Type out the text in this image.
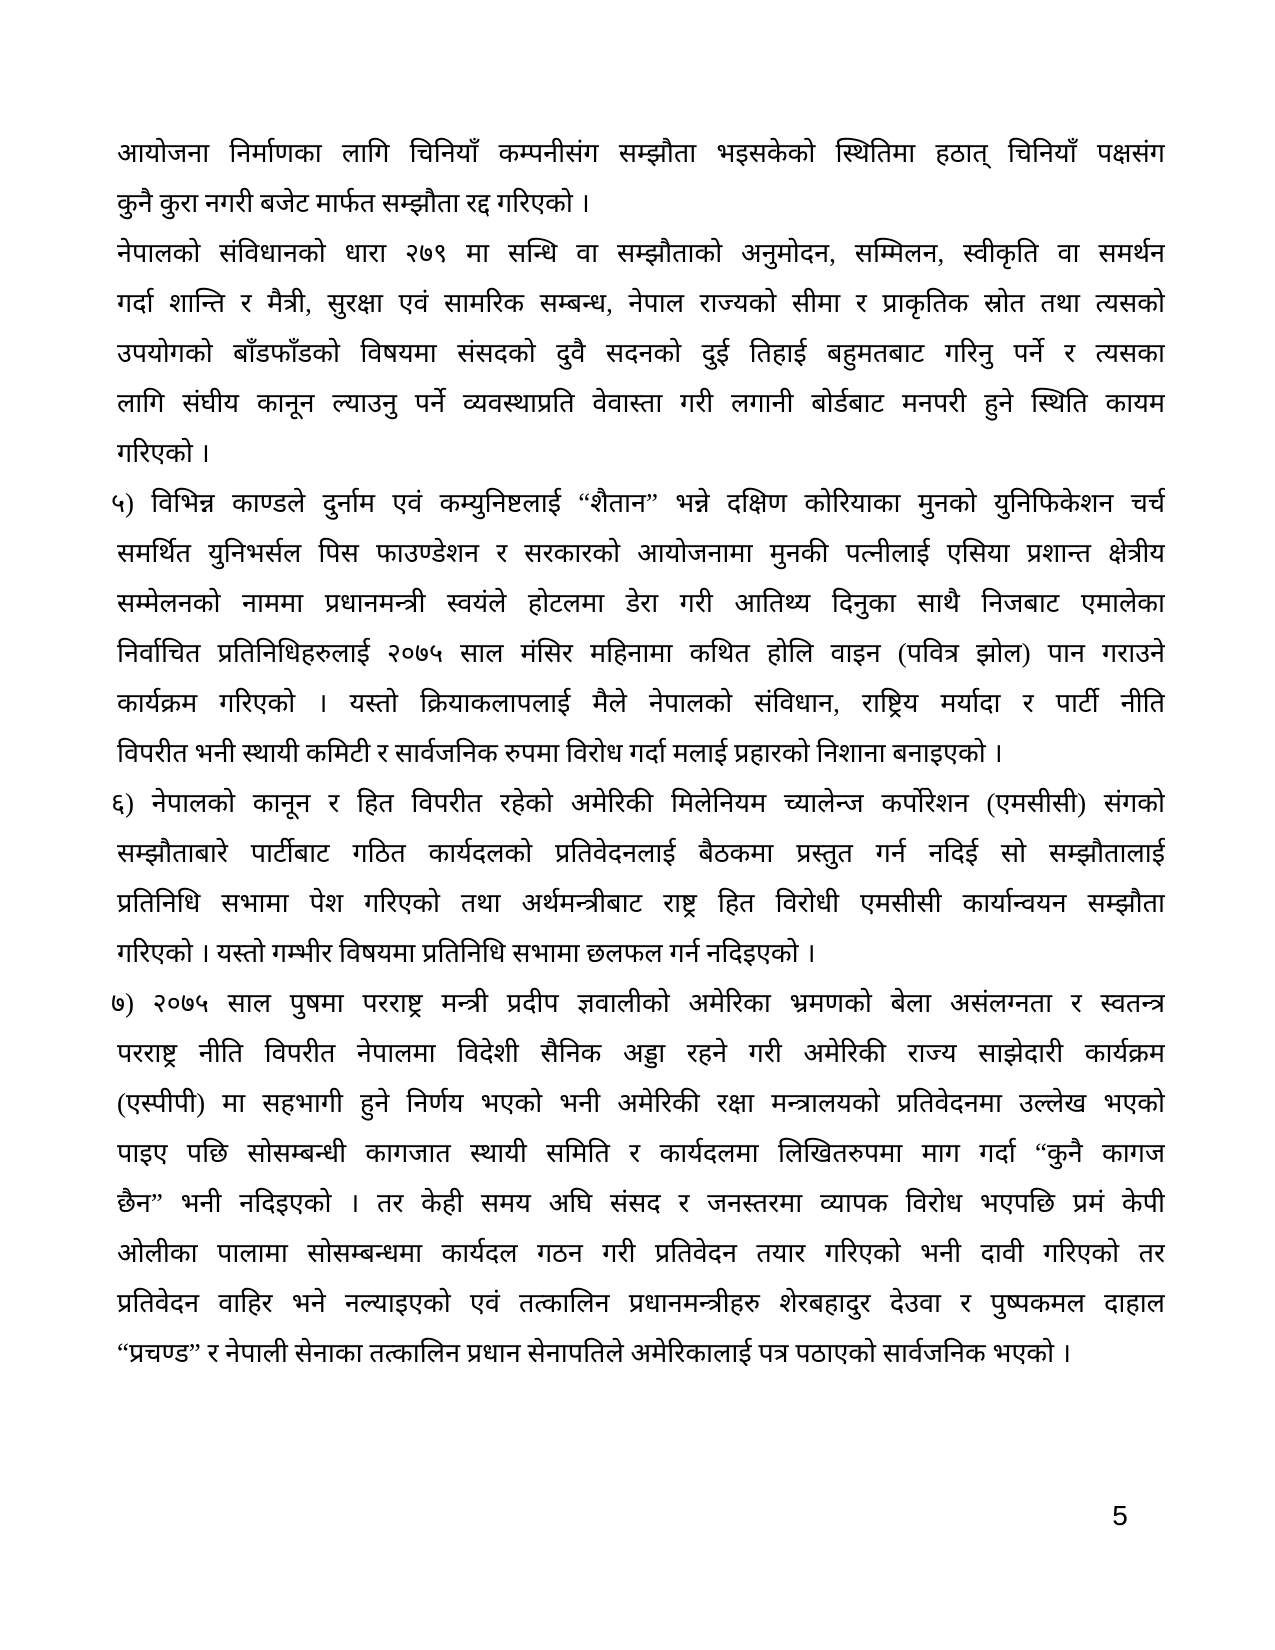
आयोजना निर्माणका लागि चिनियाँ कम्पनीसंग सम्झौता भइसकेको स्थितिमा हठात् चिनियाँ पक्षसंग
कुनै कुरा नगरी बजेट मार्फत सम्झौता रद्द गरिएको ।
नेपालको संविधानको धारा २७९ मा सन्धि वा सम्झौताको अनुमोदन, सम्मिलन, स्वीकृति वा समर्थन
गर्दा शान्ति र मैत्री, सुरक्षा एवं सामरिक सम्बन्ध, नेपाल राज्यको सीमा र प्राकृतिक स्रोत तथा त्यसको
उपयोगको बाँडफाँडको विषयमा संसदको दुवै सदनको दुई तिहाई बहुमतबाट गरिनु पर्ने र त्यसका
लागि संघीय कानून ल्याउनु पर्ने व्यवस्थाप्रति वेवास्ता गरी लगानी बोर्डबाट मनपरी हुने स्थिति कायम
गरिएको ।
५) विभिन्न काण्डले दुर्नाम एवं कम्युनिष्टलाई “शैतान” भन्ने दक्षिण कोरियाका मुनको युनिफिकेशन चर्च
समर्थित युनिभर्सल पिस फाउण्डेशन र सरकारको आयोजनामा मुनकी पत्नीलाई एसिया प्रशान्त क्षेत्रीय
सम्मेलनको नाममा प्रधानमन्त्री स्वयंले होटलमा डेरा गरी आतिथ्य दिनुका साथै निजबाट एमालेका
निर्वाचित प्रतिनिधिहरुलाई २०७५ साल मंसिर महिनामा कथित होलि वाइन (पवित्र झोल) पान गराउने
कार्यक्रम गरिएको । यस्तो क्रियाकलापलाई मैले नेपालको संविधान, राष्ट्रिय मर्यादा र पार्टी नीति
विपरीत भनी स्थायी कमिटी र सार्वजनिक रुपमा विरोध गर्दा मलाई प्रहारको निशाना बनाइएको ।
६) नेपालको कानून र हित विपरीत रहेको अमेरिकी मिलेनियम च्यालेन्ज कर्पोरेशन (एमसीसी) संगको
सम्झौताबारे पार्टीबाट गठित कार्यदलको प्रतिवेदनलाई बैठकमा प्रस्तुत गर्न नदिई सो सम्झौतालाई
प्रतिनिधि सभामा पेश गरिएको तथा अर्थमन्त्रीबाट राष्ट्र हित विरोधी एमसीसी कार्यान्वयन सम्झौता
गरिएको । यस्तो गम्भीर विषयमा प्रतिनिधि सभामा छलफल गर्न नदिइएको ।
७) २०७५ साल पुषमा परराष्ट्र मन्त्री प्रदीप ज्ञवालीको अमेरिका भ्रमणको बेला असंलग्नता र स्वतन्त्र
परराष्ट्र नीति विपरीत नेपालमा विदेशी सैनिक अड्डा रहने गरी अमेरिकी राज्य साझेदारी कार्यक्रम
(एस्पीपी) मा सहभागी हुने निर्णय भएको भनी अमेरिकी रक्षा मन्त्रालयको प्रतिवेदनमा उल्लेख भएको
पाइए पछि सोसम्बन्धी कागजात स्थायी समिति र कार्यदलमा लिखितरुपमा माग गर्दा “कुनै कागज
छैन” भनी नदिइएको । तर केही समय अघि संसद र जनस्तरमा व्यापक विरोध भएपछि प्रमं केपी
ओलीका पालामा सोसम्बन्धमा कार्यदल गठन गरी प्रतिवेदन तयार गरिएको भनी दावी गरिएको तर
प्रतिवेदन वाहिर भने नल्याइएको एवं तत्कालिन प्रधानमन्त्रीहरु शेरबहादुर देउवा र पुष्पकमल दाहाल
“प्रचण्ड” र नेपाली सेनाका तत्कालिन प्रधान सेनापतिले अमेरिकालाई पत्र पठाएको सार्वजनिक भएको ।
5
